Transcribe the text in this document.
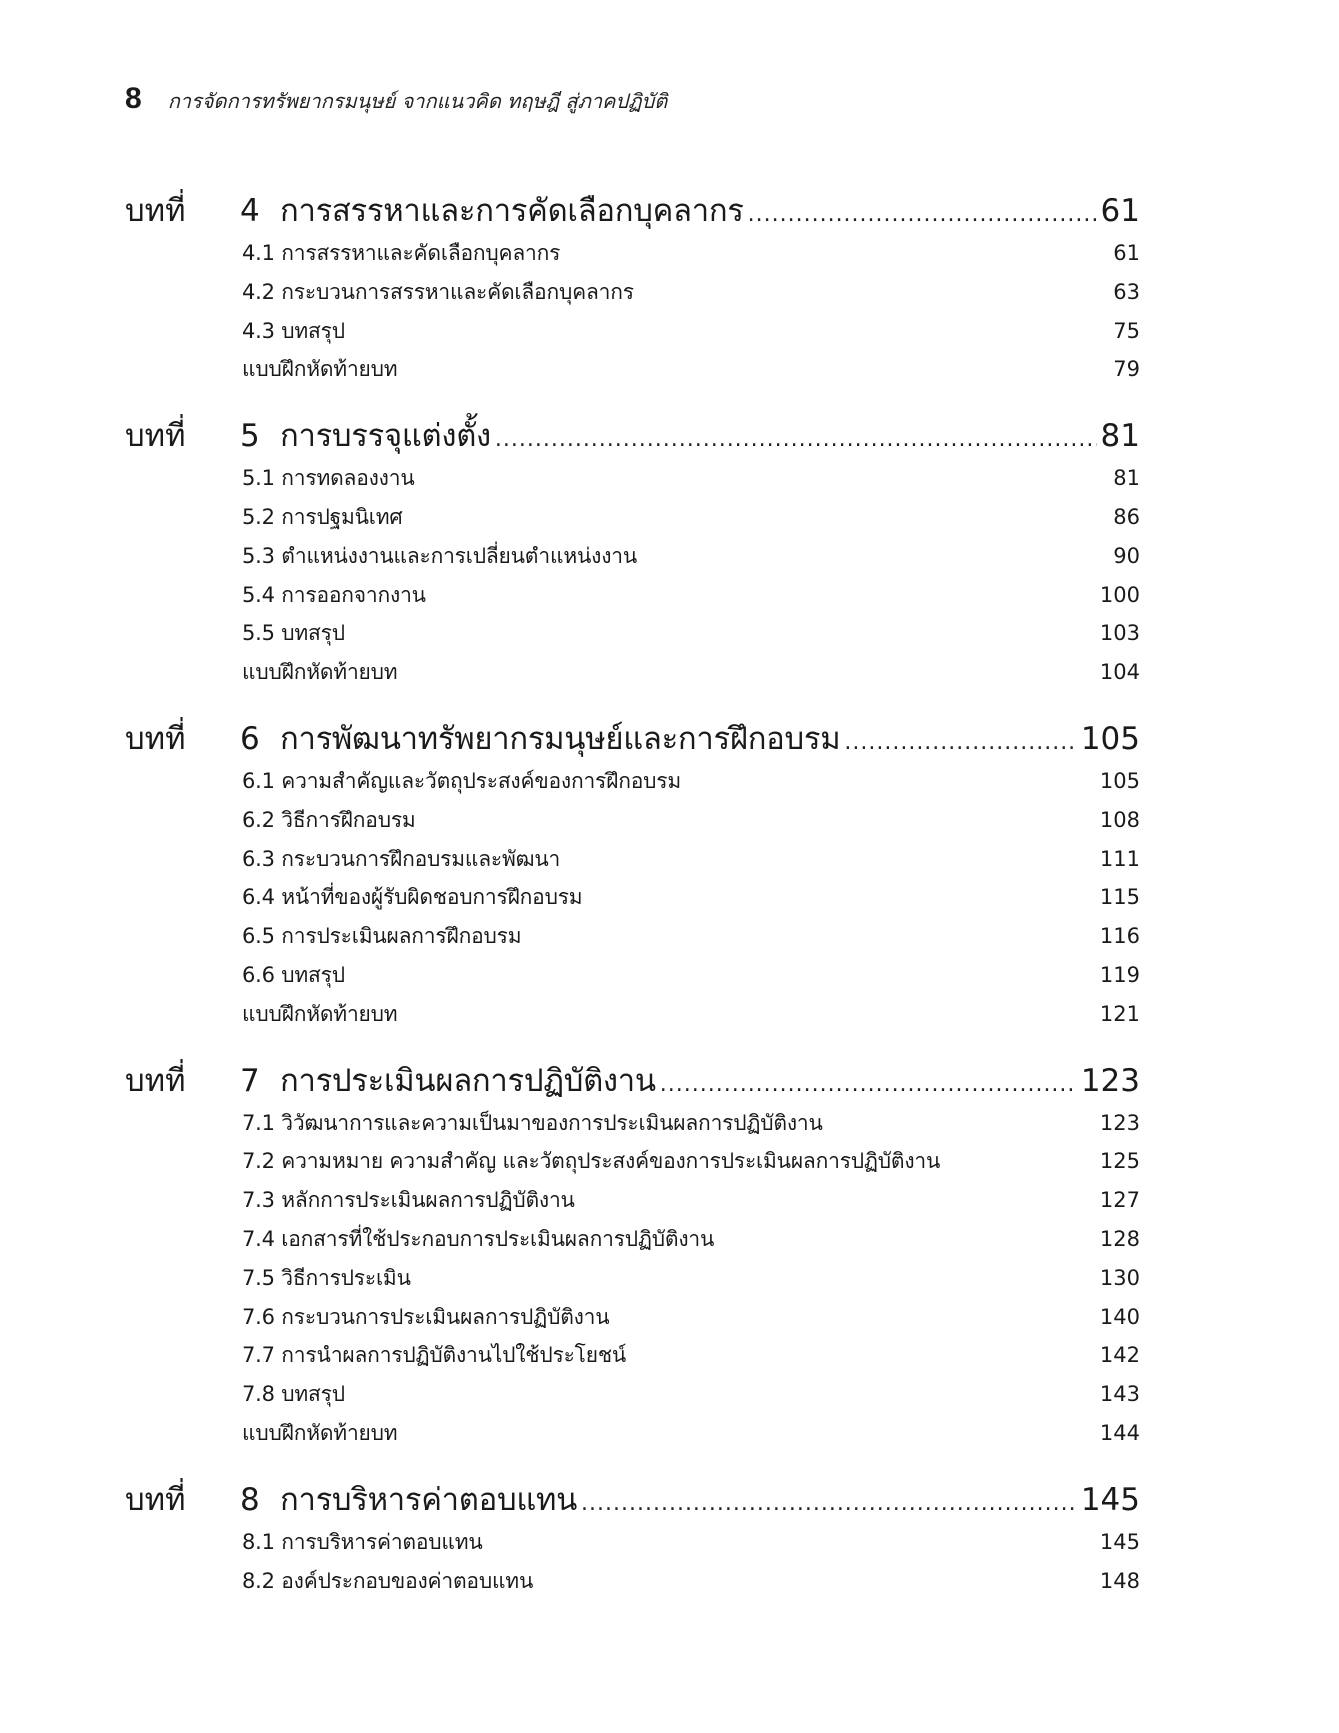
8 การจัดการทรัพยากรมนุษย์ จากแนวคิด ทฤษฎี สู่ภาคปฏิบัติ
บทที่	4 การสรรหาและการคัดเลือกบุคลากร .....	61
4.1 การสรรหาและคัดเลือกบุคลากร	61
4.2 กระบวนการสรรหาและคัดเลือกบุคลากร	63
4.3 บทสรุป	75
แบบฝึกหัดท้ายบท	79
บทที่	5 การบรรจุแต่งตั้ง .....	81
5.1 การทดลองงาน	81
5.2 การปฐมนิเทศ	86
5.3 ตำแหน่งงานและการเปลี่ยนตำแหน่งงาน	90
5.4 การออกจากงาน	100
5.5 บทสรุป	103
แบบฝึกหัดท้ายบท	104
บทที่	6 การพัฒนาทรัพยากรมนุษย์และการฝึกอบรม .....	105
6.1 ความสำคัญและวัตถุประสงค์ของการฝึกอบรม	105
6.2 วิธีการฝึกอบรม	108
6.3 กระบวนการฝึกอบรมและพัฒนา	111
6.4 หน้าที่ของผู้รับผิดชอบการฝึกอบรม	115
6.5 การประเมินผลการฝึกอบรม	116
6.6 บทสรุป	119
แบบฝึกหัดท้ายบท	121
บทที่	7 การประเมินผลการปฏิบัติงาน .....	123
7.1 วิวัฒนาการและความเป็นมาของการประเมินผลการปฏิบัติงาน	123
7.2 ความหมาย ความสำคัญ และวัตถุประสงค์ของการประเมินผลการปฏิบัติงาน	125
7.3 หลักการประเมินผลการปฏิบัติงาน	127
7.4 เอกสารที่ใช้ประกอบการประเมินผลการปฏิบัติงาน	128
7.5 วิธีการประเมิน	130
7.6 กระบวนการประเมินผลการปฏิบัติงาน	140
7.7 การนำผลการปฏิบัติงานไปใช้ประโยชน์	142
7.8 บทสรุป	143
แบบฝึกหัดท้ายบท	144
บทที่	8 การบริหารค่าตอบแทน .....	145
8.1 การบริหารค่าตอบแทน	145
8.2 องค์ประกอบของค่าตอบแทน	148
